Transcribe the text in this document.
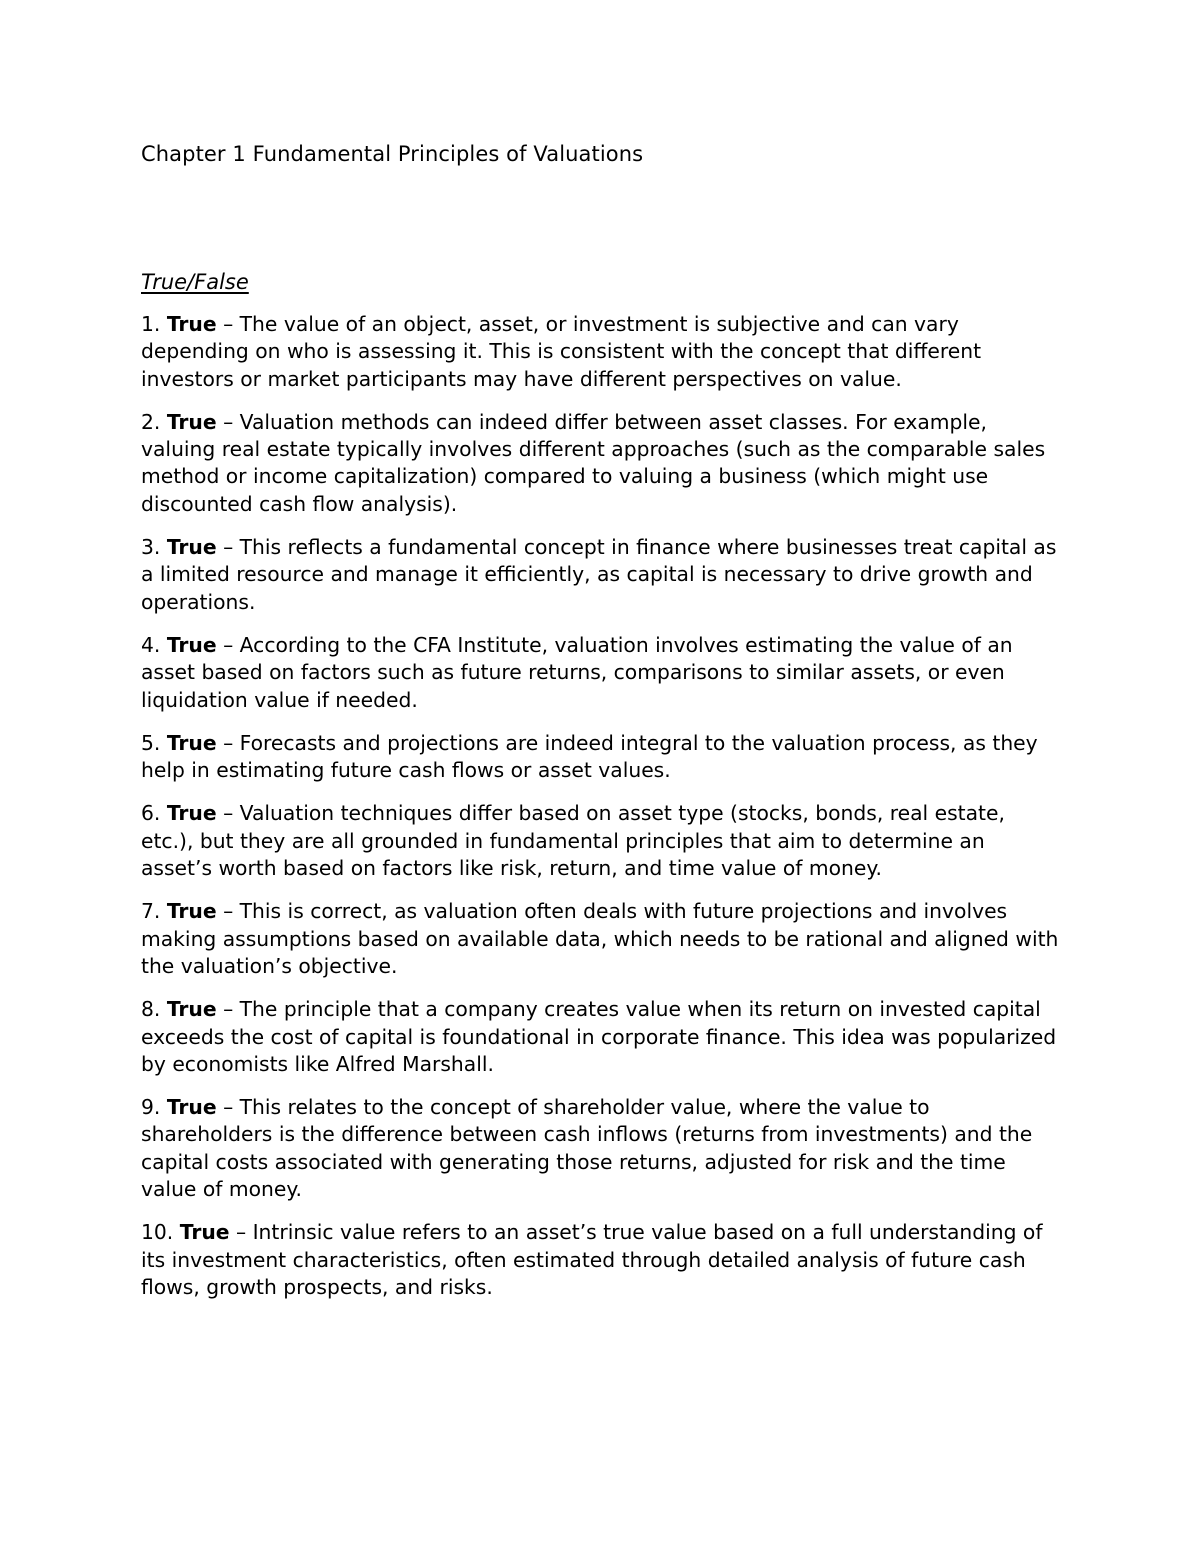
Chapter 1 Fundamental Principles of Valuations
True/False
1. True – The value of an object, asset, or investment is subjective and can vary depending on who is assessing it. This is consistent with the concept that different investors or market participants may have different perspectives on value.
2. True – Valuation methods can indeed differ between asset classes. For example, valuing real estate typically involves different approaches (such as the comparable sales method or income capitalization) compared to valuing a business (which might use discounted cash flow analysis).
3. True – This reflects a fundamental concept in finance where businesses treat capital as a limited resource and manage it efficiently, as capital is necessary to drive growth and operations.
4. True – According to the CFA Institute, valuation involves estimating the value of an asset based on factors such as future returns, comparisons to similar assets, or even liquidation value if needed.
5. True – Forecasts and projections are indeed integral to the valuation process, as they help in estimating future cash flows or asset values.
6. True – Valuation techniques differ based on asset type (stocks, bonds, real estate, etc.), but they are all grounded in fundamental principles that aim to determine an asset’s worth based on factors like risk, return, and time value of money.
7. True – This is correct, as valuation often deals with future projections and involves making assumptions based on available data, which needs to be rational and aligned with the valuation’s objective.
8. True – The principle that a company creates value when its return on invested capital exceeds the cost of capital is foundational in corporate finance. This idea was popularized by economists like Alfred Marshall.
9. True – This relates to the concept of shareholder value, where the value to shareholders is the difference between cash inflows (returns from investments) and the capital costs associated with generating those returns, adjusted for risk and the time value of money.
10. True – Intrinsic value refers to an asset’s true value based on a full understanding of its investment characteristics, often estimated through detailed analysis of future cash flows, growth prospects, and risks.
